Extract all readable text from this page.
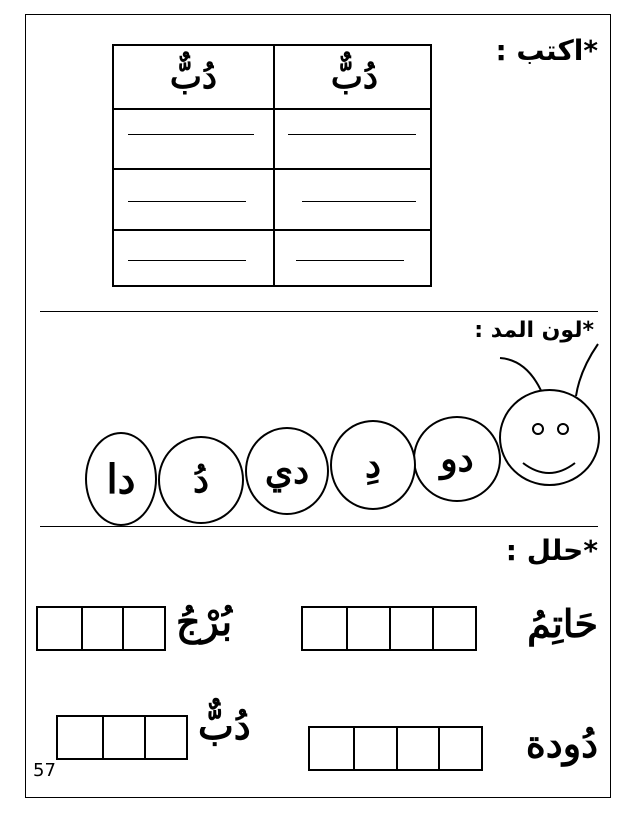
*اكتب :
دُبٌّ	دُبٌّ
*لون المد :
دو
دِ
دي
دُ
دا
*حلل :
حَاتِمُ
بُرْجُ
دُودة
دُبٌّ
57
